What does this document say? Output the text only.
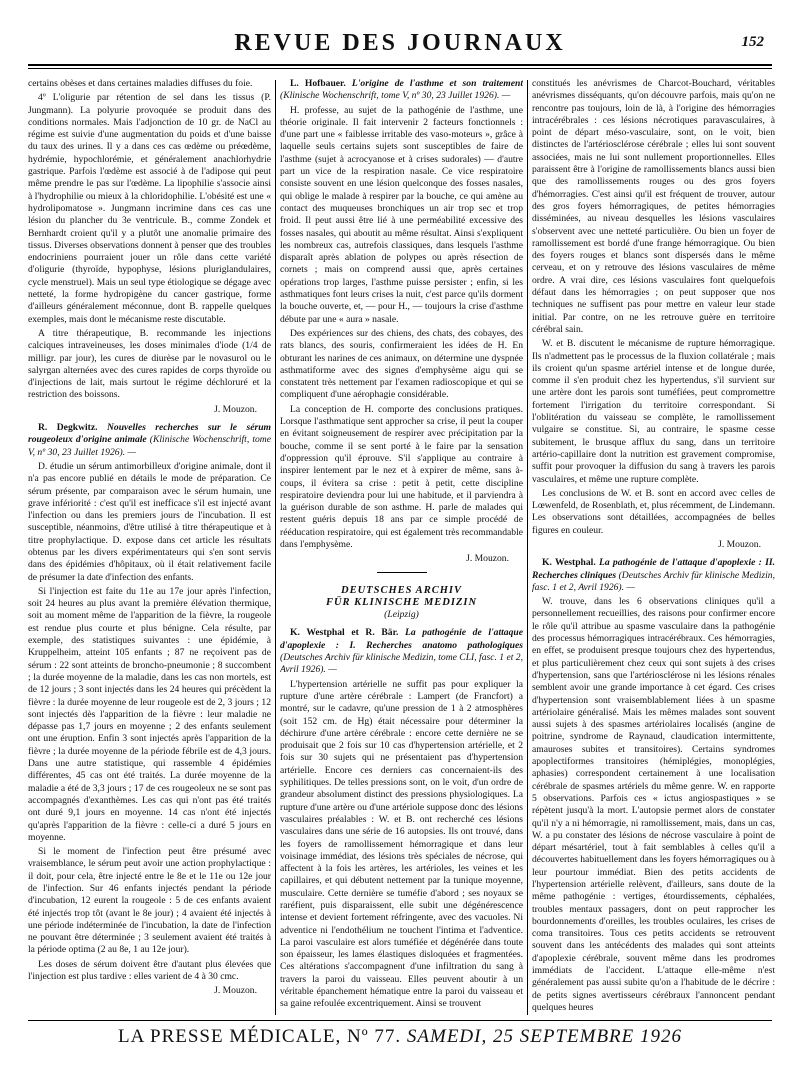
REVUE DES JOURNAUX	152

certains obèses et dans certaines maladies diffuses du foie.

4º L'oligurie par rétention de sel dans les tissus (P. Jungmann). La polyurie provoquée se produit dans des conditions normales. Mais l'adjonction de 10 gr. de NaCl au régime est suivie d'une augmentation du poids et d'une baisse du taux des urines. Il y a dans ces cas œdème ou préœdème, hydrémie, hypochlorémie, et généralement anachlorhydrie gastrique. Parfois l'œdème est associé à de l'adipose qui peut même prendre le pas sur l'œdème. La lipophilie s'associe ainsi à l'hydrophilie ou mieux à la chloridophilie. L'obésité est une « hydrolipomatose ». Jungmann incrimine dans ces cas une lésion du plancher du 3e ventricule. B., comme Zondek et Bernhardt croient qu'il y a plutôt une anomalie primaire des tissus. Diverses observations donnent à penser que des troubles endocriniens pourraient jouer un rôle dans cette variété d'oligurie (thyroïde, hypophyse, lésions pluriglandulaires, cycle menstruel). Mais un seul type étiologique se dégage avec netteté, la forme hydropigène du cancer gastrique, forme d'ailleurs généralement méconnue, dont B. rappelle quelques exemples, mais dont le mécanisme reste discutable.

A titre thérapeutique, B. recommande les injections calciques intraveineuses, les doses minimales d'iode (1/4 de milligr. par jour), les cures de diurèse par le novasurol ou le salyrgan alternées avec des cures rapides de corps thyroïde ou d'injections de lait, mais surtout le régime déchloruré et la restriction des boissons.

J. Mouzon.

R. Degkwitz. Nouvelles recherches sur le sérum rougeoleux d'origine animale (Klinische Wochenschrift, tome V, nº 30, 23 Juillet 1926). —

D. étudie un sérum antimorbilleux d'origine animale, dont il n'a pas encore publié en détails le mode de préparation. Ce sérum présente, par comparaison avec le sérum humain, une grave infériorité : c'est qu'il est inefficace s'il est injecté avant l'infection ou dans les premiers jours de l'incubation. Il est susceptible, néanmoins, d'être utilisé à titre thérapeutique et à titre prophylactique. D. expose dans cet article les résultats obtenus par les divers expérimentateurs qui s'en sont servis dans des épidémies d'hôpitaux, où il était relativement facile de présumer la date d'infection des enfants.

Si l'injection est faite du 11e au 17e jour après l'infection, soit 24 heures au plus avant la première élévation thermique, soit au moment même de l'apparition de la fièvre, la rougeole est rendue plus courte et plus bénigne. Cela résulte, par exemple, des statistiques suivantes : une épidémie, à Kruppelheim, atteint 105 enfants ; 87 ne reçoivent pas de sérum : 22 sont atteints de broncho-pneumonie ; 8 succombent ; la durée moyenne de la maladie, dans les cas non mortels, est de 12 jours ; 3 sont injectés dans les 24 heures qui précèdent la fièvre : la durée moyenne de leur rougeole est de 2, 3 jours ; 12 sont injectés dès l'apparition de la fièvre : leur maladie ne dépasse pas 1,7 jours en moyenne ; 2 des enfants seulement ont une éruption. Enfin 3 sont injectés après l'apparition de la fièvre ; la durée moyenne de la période fébrile est de 4,3 jours. Dans une autre statistique, qui rassemble 4 épidémies différentes, 45 cas ont été traités. La durée moyenne de la maladie a été de 3,3 jours ; 17 de ces rougeoleux ne se sont pas accompagnés d'exanthèmes. Les cas qui n'ont pas été traités ont duré 9,1 jours en moyenne. 14 cas n'ont été injectés qu'après l'apparition de la fièvre : celle-ci a duré 5 jours en moyenne.

Si le moment de l'infection peut être présumé avec vraisemblance, le sérum peut avoir une action prophylactique : il doit, pour cela, être injecté entre le 8e et le 11e ou 12e jour de l'infection. Sur 46 enfants injectés pendant la période d'incubation, 12 eurent la rougeole : 5 de ces enfants avaient été injectés trop tôt (avant le 8e jour) ; 4 avaient été injectés à une période indéterminée de l'incubation, la date de l'infection ne pouvant être déterminée ; 3 seulement avaient été traités à la période optima (2 au 8e, 1 au 12e jour).

Les doses de sérum doivent être d'autant plus élevées que l'injection est plus tardive : elles varient de 4 à 30 cmc.

J. Mouzon.

L. Hofbauer. L'origine de l'asthme et son traitement (Klinische Wochenschrift, tome V, nº 30, 23 Juillet 1926). —

H. professe, au sujet de la pathogénie de l'asthme, une théorie originale. Il fait intervenir 2 facteurs fonctionnels : d'une part une « faiblesse irritable des vaso-moteurs », grâce à laquelle seuls certains sujets sont susceptibles de faire de l'asthme (sujet à acrocyanose et à crises sudorales) — d'autre part un vice de la respiration nasale. Ce vice respiratoire consiste souvent en une lésion quelconque des fosses nasales, qui oblige le malade à respirer par la bouche, ce qui amène au contact des muqueuses bronchiques un air trop sec et trop froid. Il peut aussi être lié à une perméabilité excessive des fosses nasales, qui aboutit au même résultat. Ainsi s'expliquent les nombreux cas, autrefois classiques, dans lesquels l'asthme disparaît après ablation de polypes ou après résection de cornets ; mais on comprend aussi que, après certaines opérations trop larges, l'asthme puisse persister ; enfin, si les asthmatiques font leurs crises la nuit, c'est parce qu'ils dorment la bouche ouverte, et, — pour H., — toujours la crise d'asthme débute par une « aura » nasale.

Des expériences sur des chiens, des chats, des cobayes, des rats blancs, des souris, confirmeraient les idées de H. En obturant les narines de ces animaux, on détermine une dyspnée asthmatiforme avec des signes d'emphysème aigu qui se constatent très nettement par l'examen radioscopique et qui se compliquent d'une aérophagie considérable.

La conception de H. comporte des conclusions pratiques. Lorsque l'asthmatique sent approcher sa crise, il peut la couper en évitant soigneusement de respirer avec précipitation par la bouche, comme il se sent porté à le faire par la sensation d'oppression qu'il éprouve. S'il s'applique au contraire à inspirer lentement par le nez et à expirer de même, sans à-coups, il évitera sa crise : petit à petit, cette discipline respiratoire deviendra pour lui une habitude, et il parviendra à la guérison durable de son asthme. H. parle de malades qui restent guéris depuis 18 ans par ce simple procédé de rééducation respiratoire, qui est également très recommandable dans l'emphysème.

J. Mouzon.

DEUTSCHES ARCHIV
FÜR KLINISCHE MEDIZIN
(Leipzig)

K. Westphal et R. Bär. La pathogénie de l'attaque d'apoplexie : I. Recherches anatomo pathologiques (Deutsches Archiv für klinische Medizin, tome CLI, fasc. 1 et 2, Avril 1926). —

L'hypertension artérielle ne suffit pas pour expliquer la rupture d'une artère cérébrale : Lampert (de Francfort) a montré, sur le cadavre, qu'une pression de 1 à 2 atmosphères (soit 152 cm. de Hg) était nécessaire pour déterminer la déchirure d'une artère cérébrale : encore cette dernière ne se produisait que 2 fois sur 10 cas d'hypertension artérielle, et 2 fois sur 30 sujets qui ne présentaient pas d'hypertension artérielle. Encore ces derniers cas concernaient-ils des syphilitiques. De telles pressions sont, on le voit, d'un ordre de grandeur absolument distinct des pressions physiologiques. La rupture d'une artère ou d'une artériole suppose donc des lésions vasculaires préalables : W. et B. ont recherché ces lésions vasculaires dans une série de 16 autopsies. Ils ont trouvé, dans les foyers de ramollissement hémorragique et dans leur voisinage immédiat, des lésions très spéciales de nécrose, qui affectent à la fois les artères, les artérioles, les veines et les capillaires, et qui débutent nettement par la tunique moyenne, musculaire. Cette dernière se tuméfie d'abord ; ses noyaux se raréfient, puis disparaissent, elle subit une dégénérescence intense et devient fortement réfringente, avec des vacuoles. Ni adventice ni l'endothélium ne touchent l'intima et l'adventice. La paroi vasculaire est alors tuméfiée et dégénérée dans toute son épaisseur, les lames élastiques disloquées et fragmentées. Ces altérations s'accompagnent d'une infiltration du sang à travers la paroi du vaisseau. Elles peuvent aboutir à un véritable épanchement hématique entre la paroi du vaisseau et sa gaine refoulée excentriquement. Ainsi se trouvent

constitués les anévrismes de Charcot-Bouchard, véritables anévrismes disséquants, qu'on découvre parfois, mais qu'on ne rencontre pas toujours, loin de là, à l'origine des hémorragies intracérébrales : ces lésions nécrotiques paravasculaires, à point de départ méso-vasculaire, sont, on le voit, bien distinctes de l'artériosclérose cérébrale ; elles lui sont souvent associées, mais ne lui sont nullement proportionnelles. Elles paraissent être à l'origine de ramollissements blancs aussi bien que des ramollissements rouges ou des gros foyers d'hémorragies. C'est ainsi qu'il est fréquent de trouver, autour des gros foyers hémorragiques, de petites hémorragies disséminées, au niveau desquelles les lésions vasculaires s'observent avec une netteté particulière. Ou bien un foyer de ramollissement est bordé d'une frange hémorragique. Ou bien des foyers rouges et blancs sont dispersés dans le même cerveau, et on y retrouve des lésions vasculaires de même ordre. A vrai dire, ces lésions vasculaires font quelquefois défaut dans les hémorragies ; on peut supposer que nos techniques ne suffisent pas pour mettre en valeur leur stade initial. Par contre, on ne les retrouve guère en territoire cérébral sain.

W. et B. discutent le mécanisme de rupture hémorragique. Ils n'admettent pas le processus de la fluxion collatérale ; mais ils croient qu'un spasme artériel intense et de longue durée, comme il s'en produit chez les hypertendus, s'il survient sur une artère dont les parois sont tuméfiées, peut compromettre fortement l'irrigation du territoire correspondant. Si l'oblitération du vaisseau se complète, le ramollissement vulgaire se constitue. Si, au contraire, le spasme cesse subitement, le brusque afflux du sang, dans un territoire artério-capillaire dont la nutrition est gravement compromise, suffit pour provoquer la diffusion du sang à travers les parois vasculaires, et même une rupture complète.

Les conclusions de W. et B. sont en accord avec celles de Lœwenfeld, de Rosenblath, et, plus récemment, de Lindemann. Les observations sont détaillées, accompagnées de belles figures en couleur.

J. Mouzon.

K. Westphal. La pathogénie de l'attaque d'apoplexie : II. Recherches cliniques (Deutsches Archiv für klinische Medizin, fasc. 1 et 2, Avril 1926). —

W. trouve, dans les 6 observations cliniques qu'il a personnellement recueillies, des raisons pour confirmer encore le rôle qu'il attribue au spasme vasculaire dans la pathogénie des processus hémorragiques intracérébraux. Ces hémorragies, en effet, se produisent presque toujours chez des hypertendus, et plus particulièrement chez ceux qui sont sujets à des crises d'hypertension, sans que l'artériosclérose ni les lésions rénales semblent avoir une grande importance à cet égard. Ces crises d'hypertension sont vraisemblablement liées à un spasme artériolaire généralisé. Mais les mêmes malades sont souvent aussi sujets à des spasmes artériolaires localisés (angine de poitrine, syndrome de Raynaud, claudication intermittente, amauroses subites et transitoires). Certains syndromes apoplectiformes transitoires (hémiplégies, monoplégies, aphasies) correspondent certainement à une localisation cérébrale de spasmes artériels du même genre. W. en rapporte 5 observations. Parfois ces « ictus angiospastiques » se répètent jusqu'à la mort. L'autopsie permet alors de constater qu'il n'y a ni hémorragie, ni ramollissement, mais, dans un cas, W. a pu constater des lésions de nécrose vasculaire à point de départ mésartériel, tout à fait semblables à celles qu'il a découvertes habituellement dans les foyers hémorragiques ou à leur pourtour immédiat. Bien des petits accidents de l'hypertension artérielle relèvent, d'ailleurs, sans doute de la même pathogénie : vertiges, étourdissements, céphalées, troubles mentaux passagers, dont on peut rapprocher les bourdonnements d'oreilles, les troubles oculaires, les crises de coma transitoires. Tous ces petits accidents se retrouvent souvent dans les antécédents des malades qui sont atteints d'apoplexie cérébrale, souvent même dans les prodromes immédiats de l'accident. L'attaque elle-même n'est généralement pas aussi subite qu'on a l'habitude de le décrire : de petits signes avertisseurs cérébraux l'annoncent pendant quelques heures

LA PRESSE MÉDICALE, Nº 77. SAMEDI, 25 SEPTEMBRE 1926
